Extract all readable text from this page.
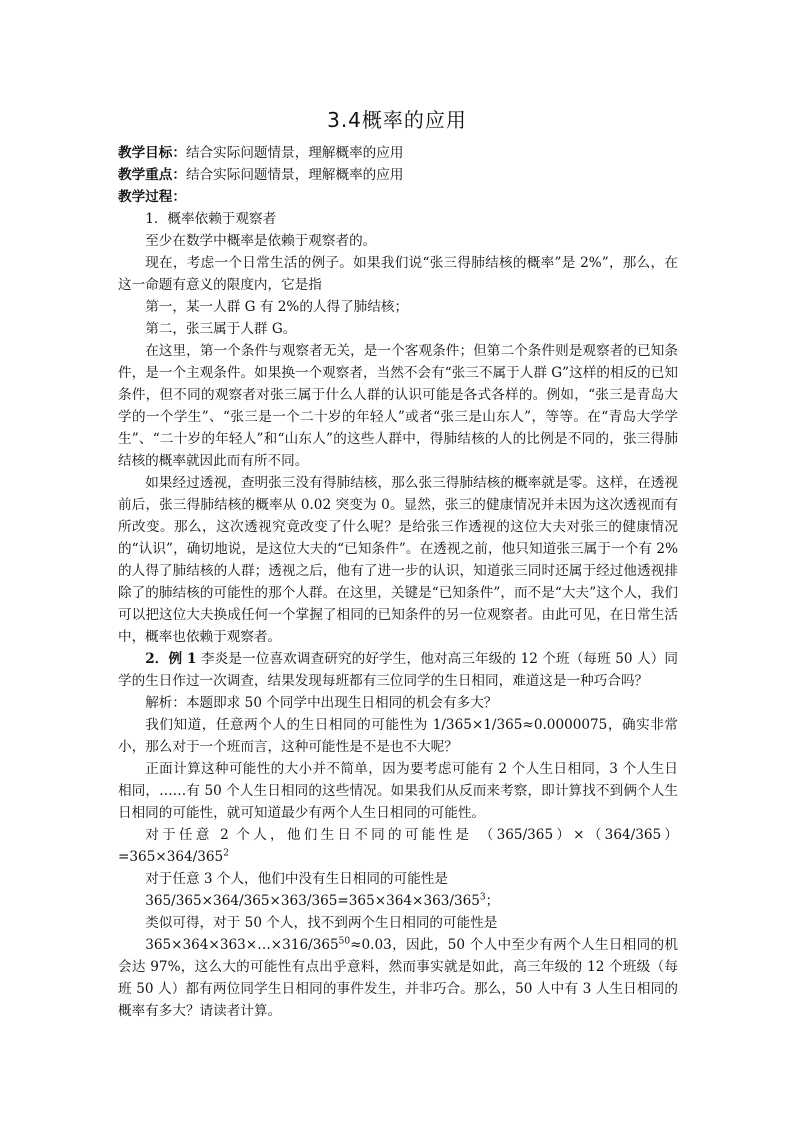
3.4概率的应用

教学目标：结合实际问题情景，理解概率的应用

教学重点：结合实际问题情景，理解概率的应用

教学过程：

1．概率依赖于观察者

至少在数学中概率是依赖于观察者的。

现在，考虑一个日常生活的例子。如果我们说“张三得肺结核的概率”是 2%”，那么，在这一命题有意义的限度内，它是指

第一，某一人群 G 有 2%的人得了肺结核；

第二，张三属于人群 G。

在这里，第一个条件与观察者无关，是一个客观条件；但第二个条件则是观察者的已知条件，是一个主观条件。如果换一个观察者，当然不会有“张三不属于人群 G”这样的相反的已知条件，但不同的观察者对张三属于什么人群的认识可能是各式各样的。例如，“张三是青岛大学的一个学生”、“张三是一个二十岁的年轻人”或者“张三是山东人”，等等。在“青岛大学学生”、“二十岁的年轻人”和“山东人”的这些人群中，得肺结核的人的比例是不同的，张三得肺结核的概率就因此而有所不同。

如果经过透视，查明张三没有得肺结核，那么张三得肺结核的概率就是零。这样，在透视前后，张三得肺结核的概率从 0.02 突变为 0。显然，张三的健康情况并未因为这次透视而有所改变。那么，这次透视究竟改变了什么呢？是给张三作透视的这位大夫对张三的健康情况的“认识”，确切地说，是这位大夫的“已知条件”。在透视之前，他只知道张三属于一个有 2%的人得了肺结核的人群；透视之后，他有了进一步的认识，知道张三同时还属于经过他透视排除了的肺结核的可能性的那个人群。在这里，关键是“已知条件”，而不是“大夫”这个人，我们可以把这位大夫换成任何一个掌握了相同的已知条件的另一位观察者。由此可见，在日常生活中，概率也依赖于观察者。

2．例 1 李炎是一位喜欢调查研究的好学生，他对高三年级的 12 个班（每班 50 人）同学的生日作过一次调查，结果发现每班都有三位同学的生日相同，难道这是一种巧合吗？

解析：本题即求 50 个同学中出现生日相同的机会有多大？

我们知道，任意两个人的生日相同的可能性为 1/365×1/365≈0.0000075，确实非常小，那么对于一个班而言，这种可能性是不是也不大呢？

正面计算这种可能性的大小并不简单，因为要考虑可能有 2 个人生日相同，3 个人生日相同，……有 50 个人生日相同的这些情况。如果我们从反而来考察，即计算找不到俩个人生日相同的可能性，就可知道最少有两个人生日相同的可能性。

对于任意 2 个人，他们生日不同的可能性是 $(365/365)\times(364/365)=365\times 364/365^2$

对于任意 3 个人，他们中没有生日相同的可能性是

$365/365\times 364/365\times 363/365=365\times 364\times 363/365^3$；

类似可得，对于 50 个人，找不到两个生日相同的可能性是

$365\times 364\times 363\times\dots\times 316/365^{50}\approx 0.03$，因此，50 个人中至少有两个人生日相同的机会达 97%，这么大的可能性有点出乎意料，然而事实就是如此，高三年级的 12 个班级（每班 50 人）都有两位同学生日相同的事件发生，并非巧合。那么，50 人中有 3 人生日相同的概率有多大？请读者计算。
